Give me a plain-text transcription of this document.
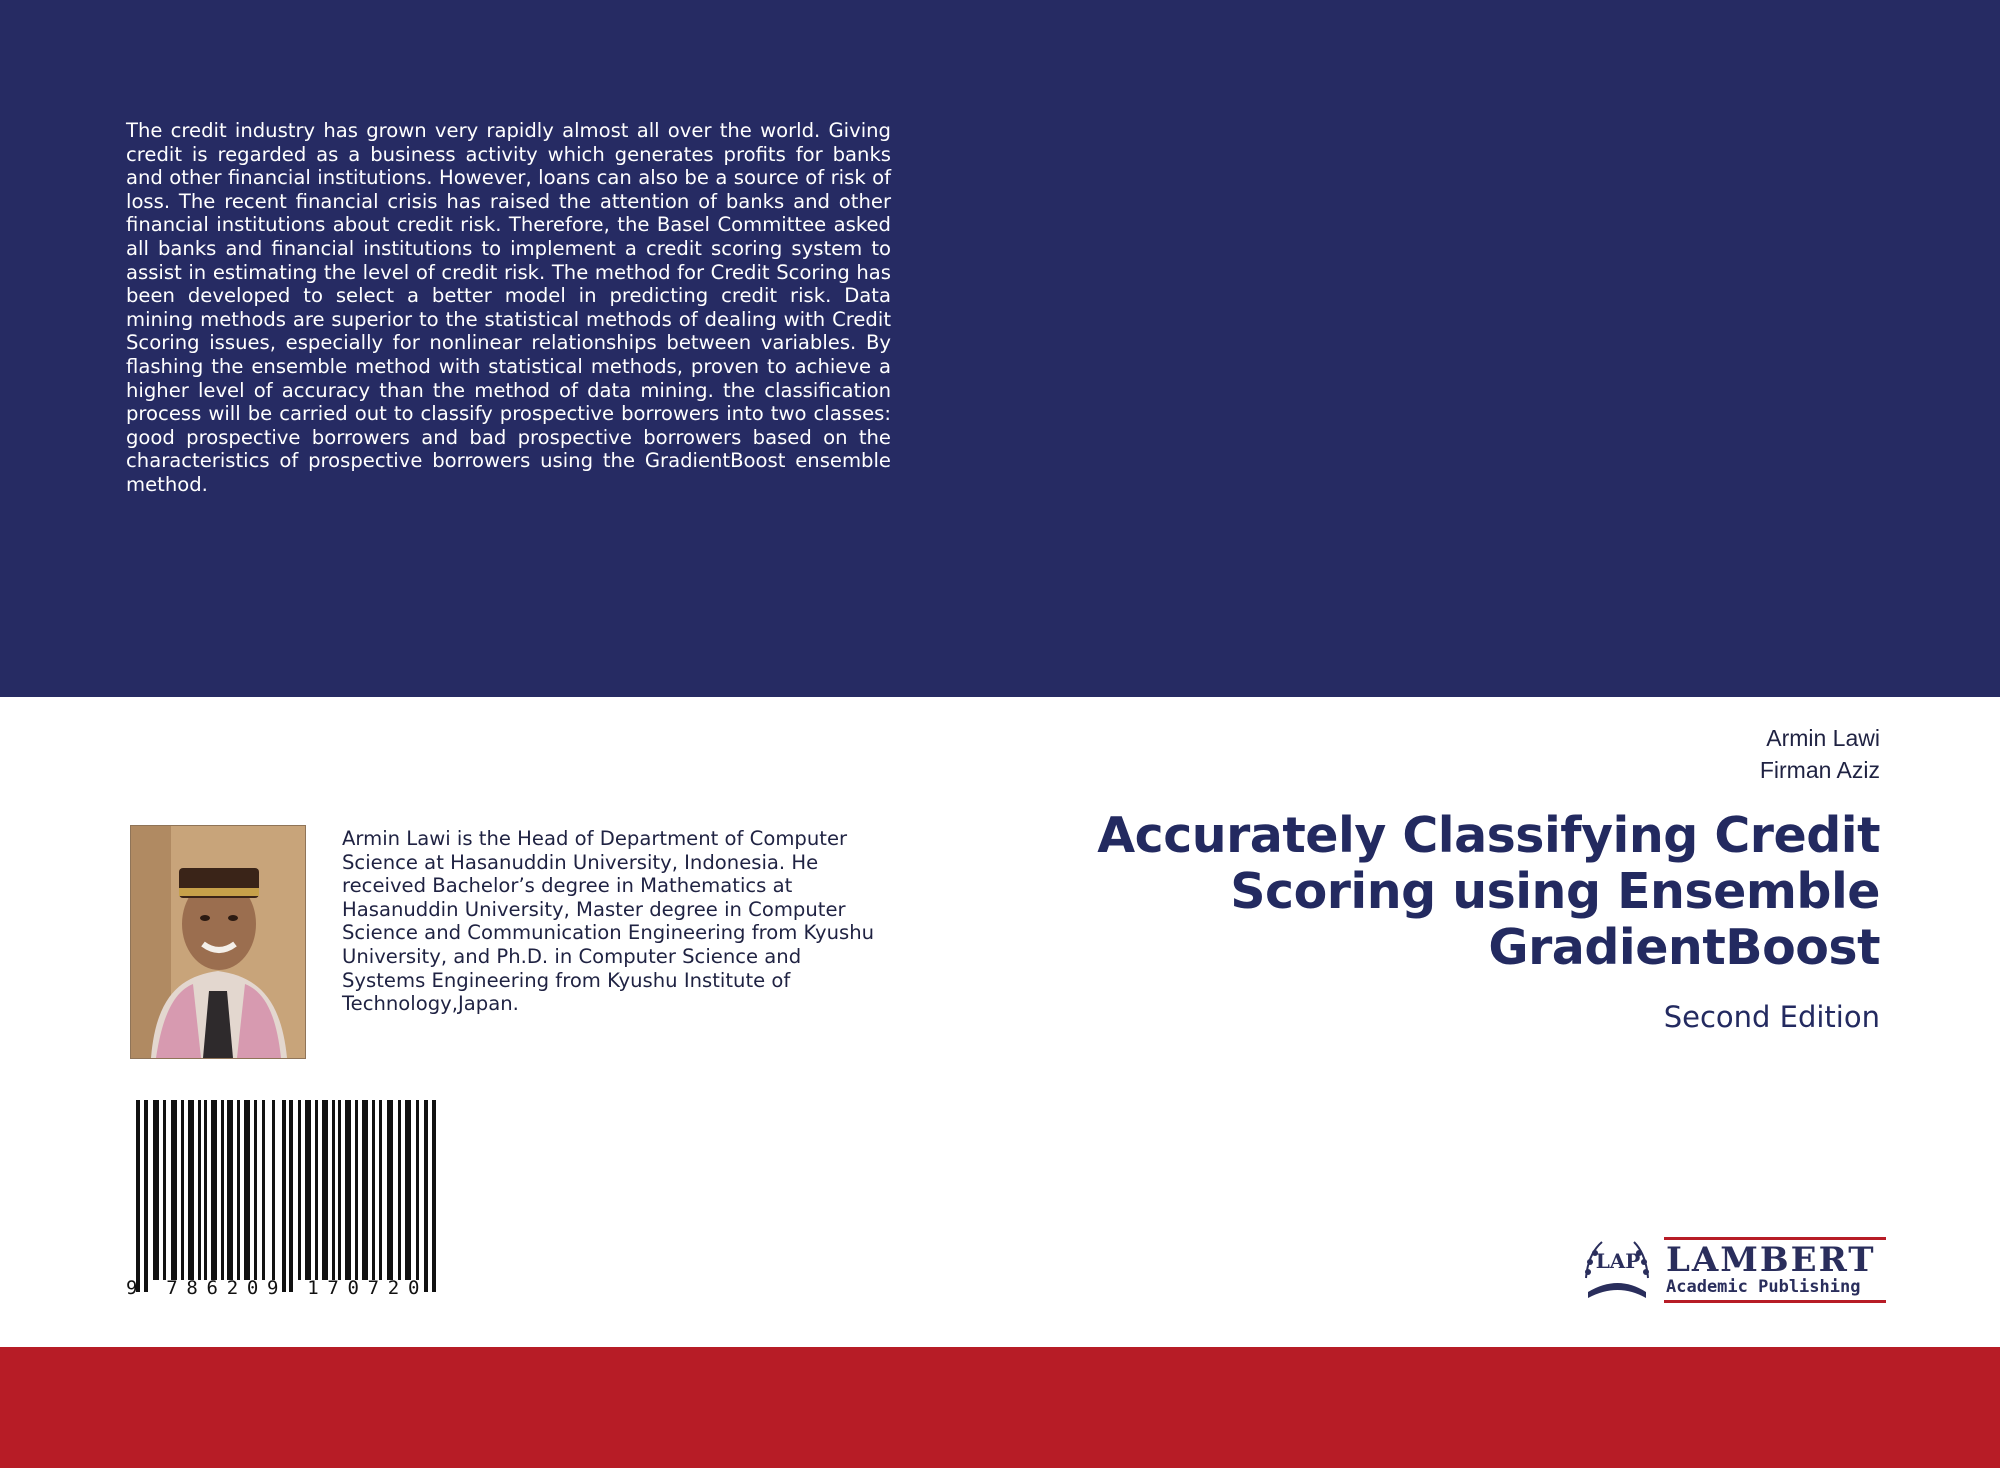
The credit industry has grown very rapidly almost all over the world. Giving credit is regarded as a business activity which generates profits for banks and other financial institutions. However, loans can also be a source of risk of loss. The recent financial crisis has raised the attention of banks and other financial institutions about credit risk. Therefore, the Basel Committee asked all banks and financial institutions to implement a credit scoring system to assist in estimating the level of credit risk. The method for Credit Scoring has been developed to select a better model in predicting credit risk. Data mining methods are superior to the statistical methods of dealing with Credit Scoring issues, especially for nonlinear relationships between variables. By flashing the ensemble method with statistical methods, proven to achieve a higher level of accuracy than the method of data mining. the classification process will be carried out to classify prospective borrowers into two classes: good prospective borrowers and bad prospective borrowers based on the characteristics of prospective borrowers using the GradientBoost ensemble method.

Armin Lawi
Firman Aziz
Accurately Classifying Credit Scoring using Ensemble GradientBoost
Second Edition

Armin Lawi is the Head of Department of Computer Science at Hasanuddin University, Indonesia. He received Bachelor’s degree in Mathematics at Hasanuddin University, Master degree in Computer Science and Communication Engineering from Kyushu University, and Ph.D. in Computer Science and Systems Engineering from Kyushu Institute of Technology,Japan.

9 786209 170720
LAP LAMBERT
Academic Publishing
